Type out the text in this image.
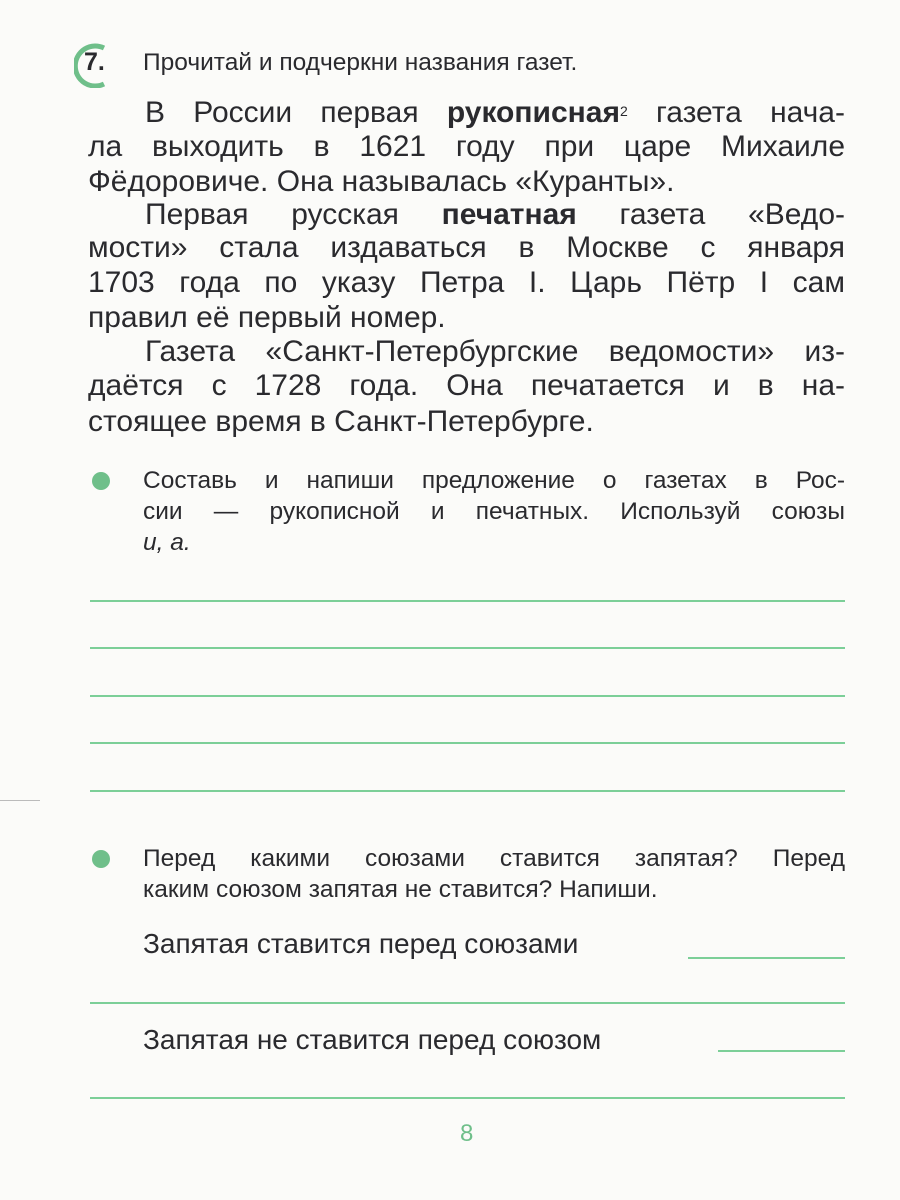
7. Прочитай и подчеркни названия газет.
В России первая рукописная$^2$ газета нача-
ла выходить в 1621 году при царе Михаиле
Фёдоровиче. Она называлась «Куранты».
Первая русская печатная газета «Ведо-
мости» стала издаваться в Москве с января
1703 года по указу Петра I. Царь Пётр I сам
правил её первый номер.
Газета «Санкт-Петербургские ведомости» из-
даётся с 1728 года. Она печатается и в на-
стоящее время в Санкт-Петербурге.
Составь и напиши предложение о газетах в Рос-
сии — рукописной и печатных. Используй союзы
и, а.
Перед какими союзами ставится запятая? Перед
каким союзом запятая не ставится? Напиши.
Запятая ставится перед союзами
Запятая не ставится перед союзом
8
